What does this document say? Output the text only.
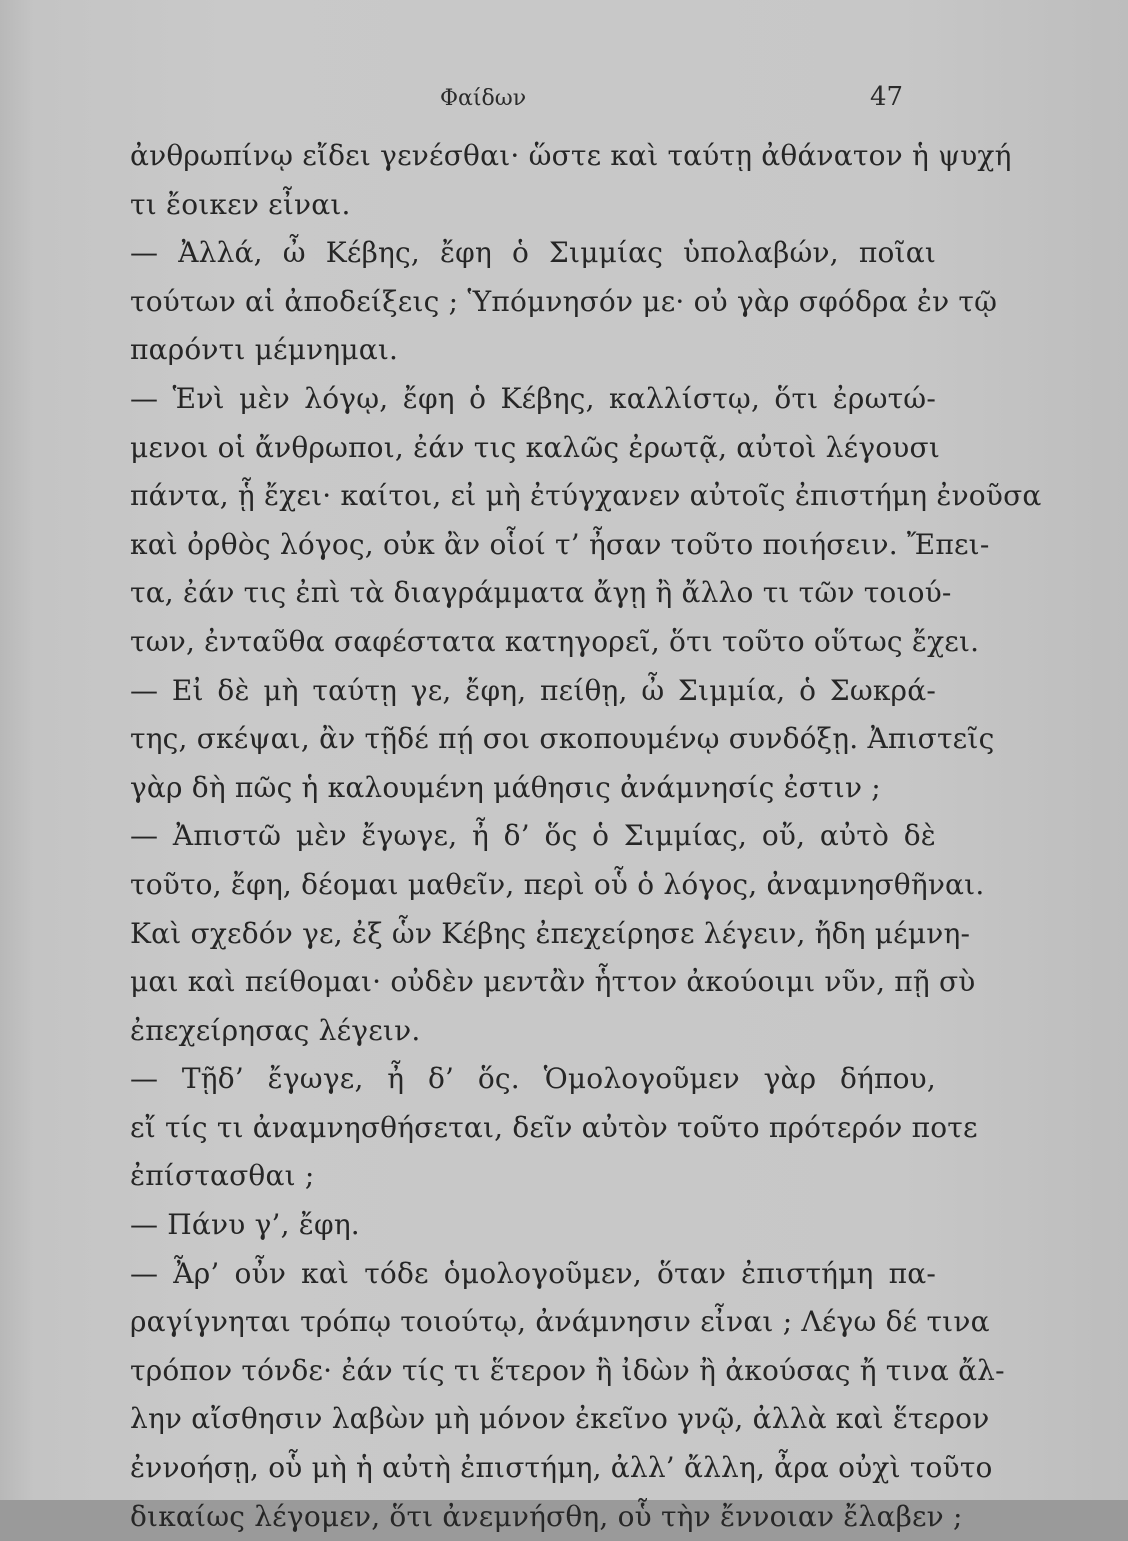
Φαίδων	47
ἀνθρωπίνῳ εἴδει γενέσθαι· ὥστε καὶ ταύτῃ ἀθάνατον ἡ ψυχή
τι ἔοικεν εἶναι.
— Ἀλλά, ὦ Κέβης, ἔφη ὁ Σιμμίας ὑπολαβών, ποῖαι
τούτων αἱ ἀποδείξεις ; Ὑπόμνησόν με· οὐ γὰρ σφόδρα ἐν τῷ
παρόντι μέμνημαι.
— Ἑνὶ μὲν λόγῳ, ἔφη ὁ Κέβης, καλλίστῳ, ὅτι ἐρωτώ-
μενοι οἱ ἄνθρωποι, ἐάν τις καλῶς ἐρωτᾷ, αὐτοὶ λέγουσι
πάντα, ᾗ ἔχει· καίτοι, εἰ μὴ ἐτύγχανεν αὐτοῖς ἐπιστήμη ἐνοῦσα
καὶ ὀρθὸς λόγος, οὐκ ἂν οἷοί τ’ ἦσαν τοῦτο ποιήσειν. Ἔπει-
τα, ἐάν τις ἐπὶ τὰ διαγράμματα ἄγῃ ἢ ἄλλο τι τῶν τοιού-
των, ἐνταῦθα σαφέστατα κατηγορεῖ, ὅτι τοῦτο οὕτως ἔχει.
— Εἰ δὲ μὴ ταύτῃ γε, ἔφη, πείθῃ, ὦ Σιμμία, ὁ Σωκρά-
της, σκέψαι, ἂν τῇδέ πῄ σοι σκοπουμένῳ συνδόξῃ. Ἀπιστεῖς
γὰρ δὴ πῶς ἡ καλουμένη μάθησις ἀνάμνησίς ἐστιν ;
— Ἀπιστῶ μὲν ἔγωγε, ἦ δ’ ὅς ὁ Σιμμίας, οὔ, αὐτὸ δὲ
τοῦτο, ἔφη, δέομαι μαθεῖν, περὶ οὗ ὁ λόγος, ἀναμνησθῆναι.
Καὶ σχεδόν γε, ἐξ ὧν Κέβης ἐπεχείρησε λέγειν, ἤδη μέμνη-
μαι καὶ πείθομαι· οὐδὲν μεντἂν ἧττον ἀκούοιμι νῦν, πῇ σὺ
ἐπεχείρησας λέγειν.
— Τῇδ’ ἔγωγε, ἦ δ’ ὅς. Ὁμολογοῦμεν γὰρ δήπου,
εἴ τίς τι ἀναμνησθήσεται, δεῖν αὐτὸν τοῦτο πρότερόν ποτε
ἐπίστασθαι ;
— Πάνυ γ’, ἔφη.
— Ἆρ’ οὖν καὶ τόδε ὁμολογοῦμεν, ὅταν ἐπιστήμη πα-
ραγίγνηται τρόπῳ τοιούτῳ, ἀνάμνησιν εἶναι ; Λέγω δέ τινα
τρόπον τόνδε· ἐάν τίς τι ἕτερον ἢ ἰδὼν ἢ ἀκούσας ἤ τινα ἄλ-
λην αἴσθησιν λαβὼν μὴ μόνον ἐκεῖνο γνῷ, ἀλλὰ καὶ ἕτερον
ἐννοήσῃ, οὗ μὴ ἡ αὐτὴ ἐπιστήμη, ἀλλ’ ἄλλη, ἆρα οὐχὶ τοῦτο
δικαίως λέγομεν, ὅτι ἀνεμνήσθη, οὗ τὴν ἔννοιαν ἔλαβεν ;
